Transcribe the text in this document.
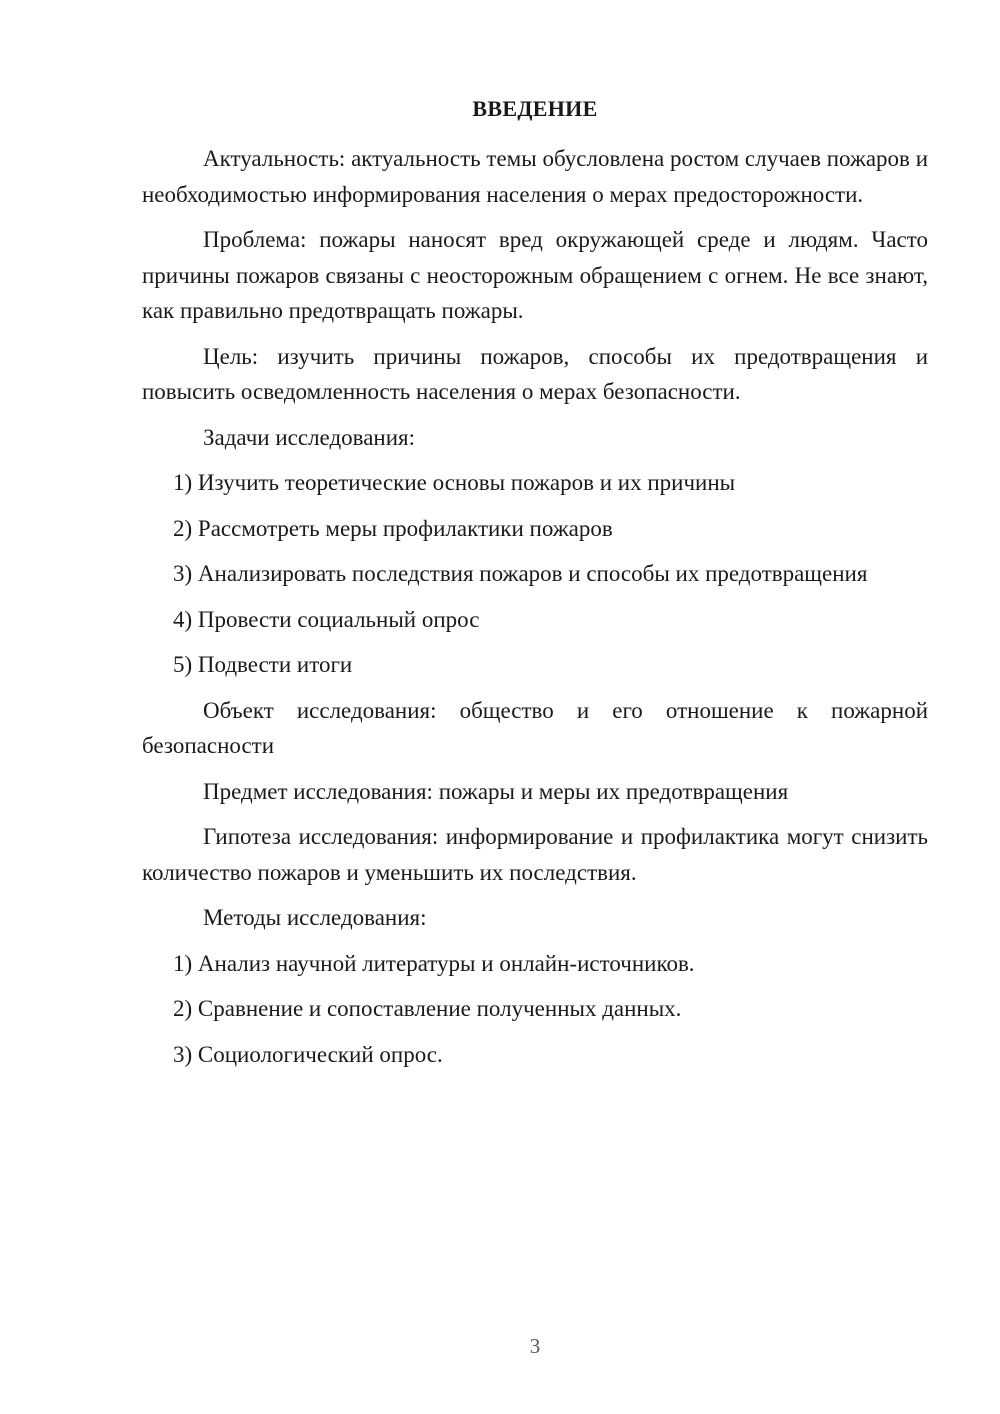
ВВЕДЕНИЕ

Актуальность: актуальность темы обусловлена ростом случаев пожаров и необходимостью информирования населения о мерах предосторожности.

Проблема: пожары наносят вред окружающей среде и людям. Часто причины пожаров связаны с неосторожным обращением с огнем. Не все знают, как правильно предотвращать пожары.

Цель: изучить причины пожаров, способы их предотвращения и повысить осведомленность населения о мерах безопасности.

Задачи исследования:

1) Изучить теоретические основы пожаров и их причины

2) Рассмотреть меры профилактики пожаров

3) Анализировать последствия пожаров и способы их предотвращения

4) Провести социальный опрос

5) Подвести итоги

Объект исследования: общество и его отношение к пожарной безопасности

Предмет исследования: пожары и меры их предотвращения

Гипотеза исследования: информирование и профилактика могут снизить количество пожаров и уменьшить их последствия.

Методы исследования:

1) Анализ научной литературы и онлайн-источников.

2) Сравнение и сопоставление полученных данных.

3) Социологический опрос.

3
